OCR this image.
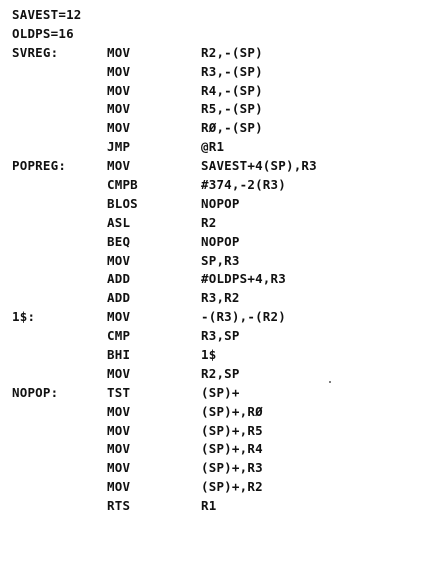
SAVEST=12
OLDPS=16
SVREG:	MOV	R2,-(SP)
MOV	R3,-(SP)
MOV	R4,-(SP)
MOV	R5,-(SP)
MOV	RØ,-(SP)
JMP	@R1
POPREG:	MOV	SAVEST+4(SP),R3
CMPB	#374,-2(R3)
BLOS	NOPOP
ASL	R2
BEQ	NOPOP
MOV	SP,R3
ADD	#OLDPS+4,R3
ADD	R3,R2
1$:	MOV	-(R3),-(R2)
CMP	R3,SP
BHI	1$
MOV	R2,SP
NOPOP:	TST	(SP)+
MOV	(SP)+,RØ
MOV	(SP)+,R5
MOV	(SP)+,R4
MOV	(SP)+,R3
MOV	(SP)+,R2
RTS	R1
